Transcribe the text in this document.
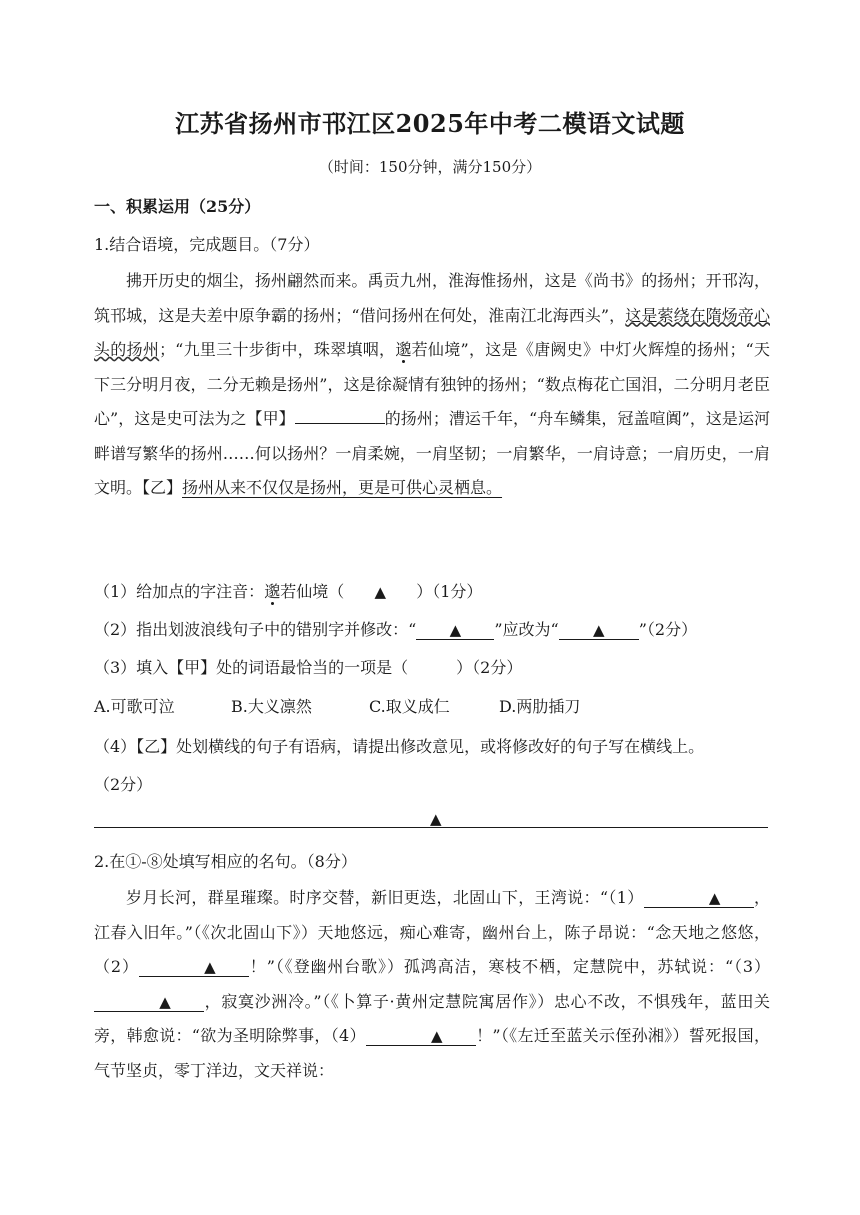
江苏省扬州市邗江区2025年中考二模语文试题
（时间：150分钟，满分150分）
一、积累运用（25分）
1.结合语境，完成题目。（7分）
拂开历史的烟尘，扬州翩然而来。禹贡九州，淮海惟扬州，这是《尚书》的扬州；开邗沟，筑邗城，这是夫差中原争霸的扬州；“借问扬州在何处，淮南江北海西头”，这是萦绕在隋炀帝心头的扬州；“九里三十步街中，珠翠填咽，邈若仙境”，这是《唐阙史》中灯火辉煌的扬州；“天下三分明月夜，二分无赖是扬州”，这是徐凝情有独钟的扬州；“数点梅花亡国泪，二分明月老臣心”，这是史可法为之【甲】	的扬州；漕运千年，“舟车鳞集，冠盖喧阗”，这是运河畔谱写繁华的扬州……何以扬州？一肩柔婉，一肩坚韧；一肩繁华，一肩诗意；一肩历史，一肩文明。【乙】扬州从来不仅仅是扬州，更是可供心灵栖息。
（1）给加点的字注音：邈若仙境（ ▲ ）（1分）
（2）指出划波浪线句子中的错别字并修改：“ ▲ ”应改为“ ▲ ”（2分）
（3）填入【甲】处的词语最恰当的一项是（　　　）（2分）
A.可歌可泣	B.大义凛然	C.取义成仁	D.两肋插刀
（4）【乙】处划横线的句子有语病，请提出修改意见，或将修改好的句子写在横线上。
（2分）
▲
2.在①-⑧处填写相应的名句。（8分）
岁月长河，群星璀璨。时序交替，新旧更迭，北固山下，王湾说：“（1）	▲ ，江春入旧年。”（《次北固山下》）天地悠远，痴心难寄，幽州台上，陈子昂说：“念天地之悠悠，（2）	▲ ！”（《登幽州台歌》）孤鸿高洁，寒枝不栖，定慧院中，苏轼说：“（3）▲ ，寂寞沙洲冷。”（《卜算子·黄州定慧院寓居作》）忠心不改，不惧残年，蓝田关旁，韩愈说：“欲为圣明除弊事，（4）	▲ ！”（《左迁至蓝关示侄孙湘》）誓死报国，气节坚贞，零丁洋边，文天祥说：
